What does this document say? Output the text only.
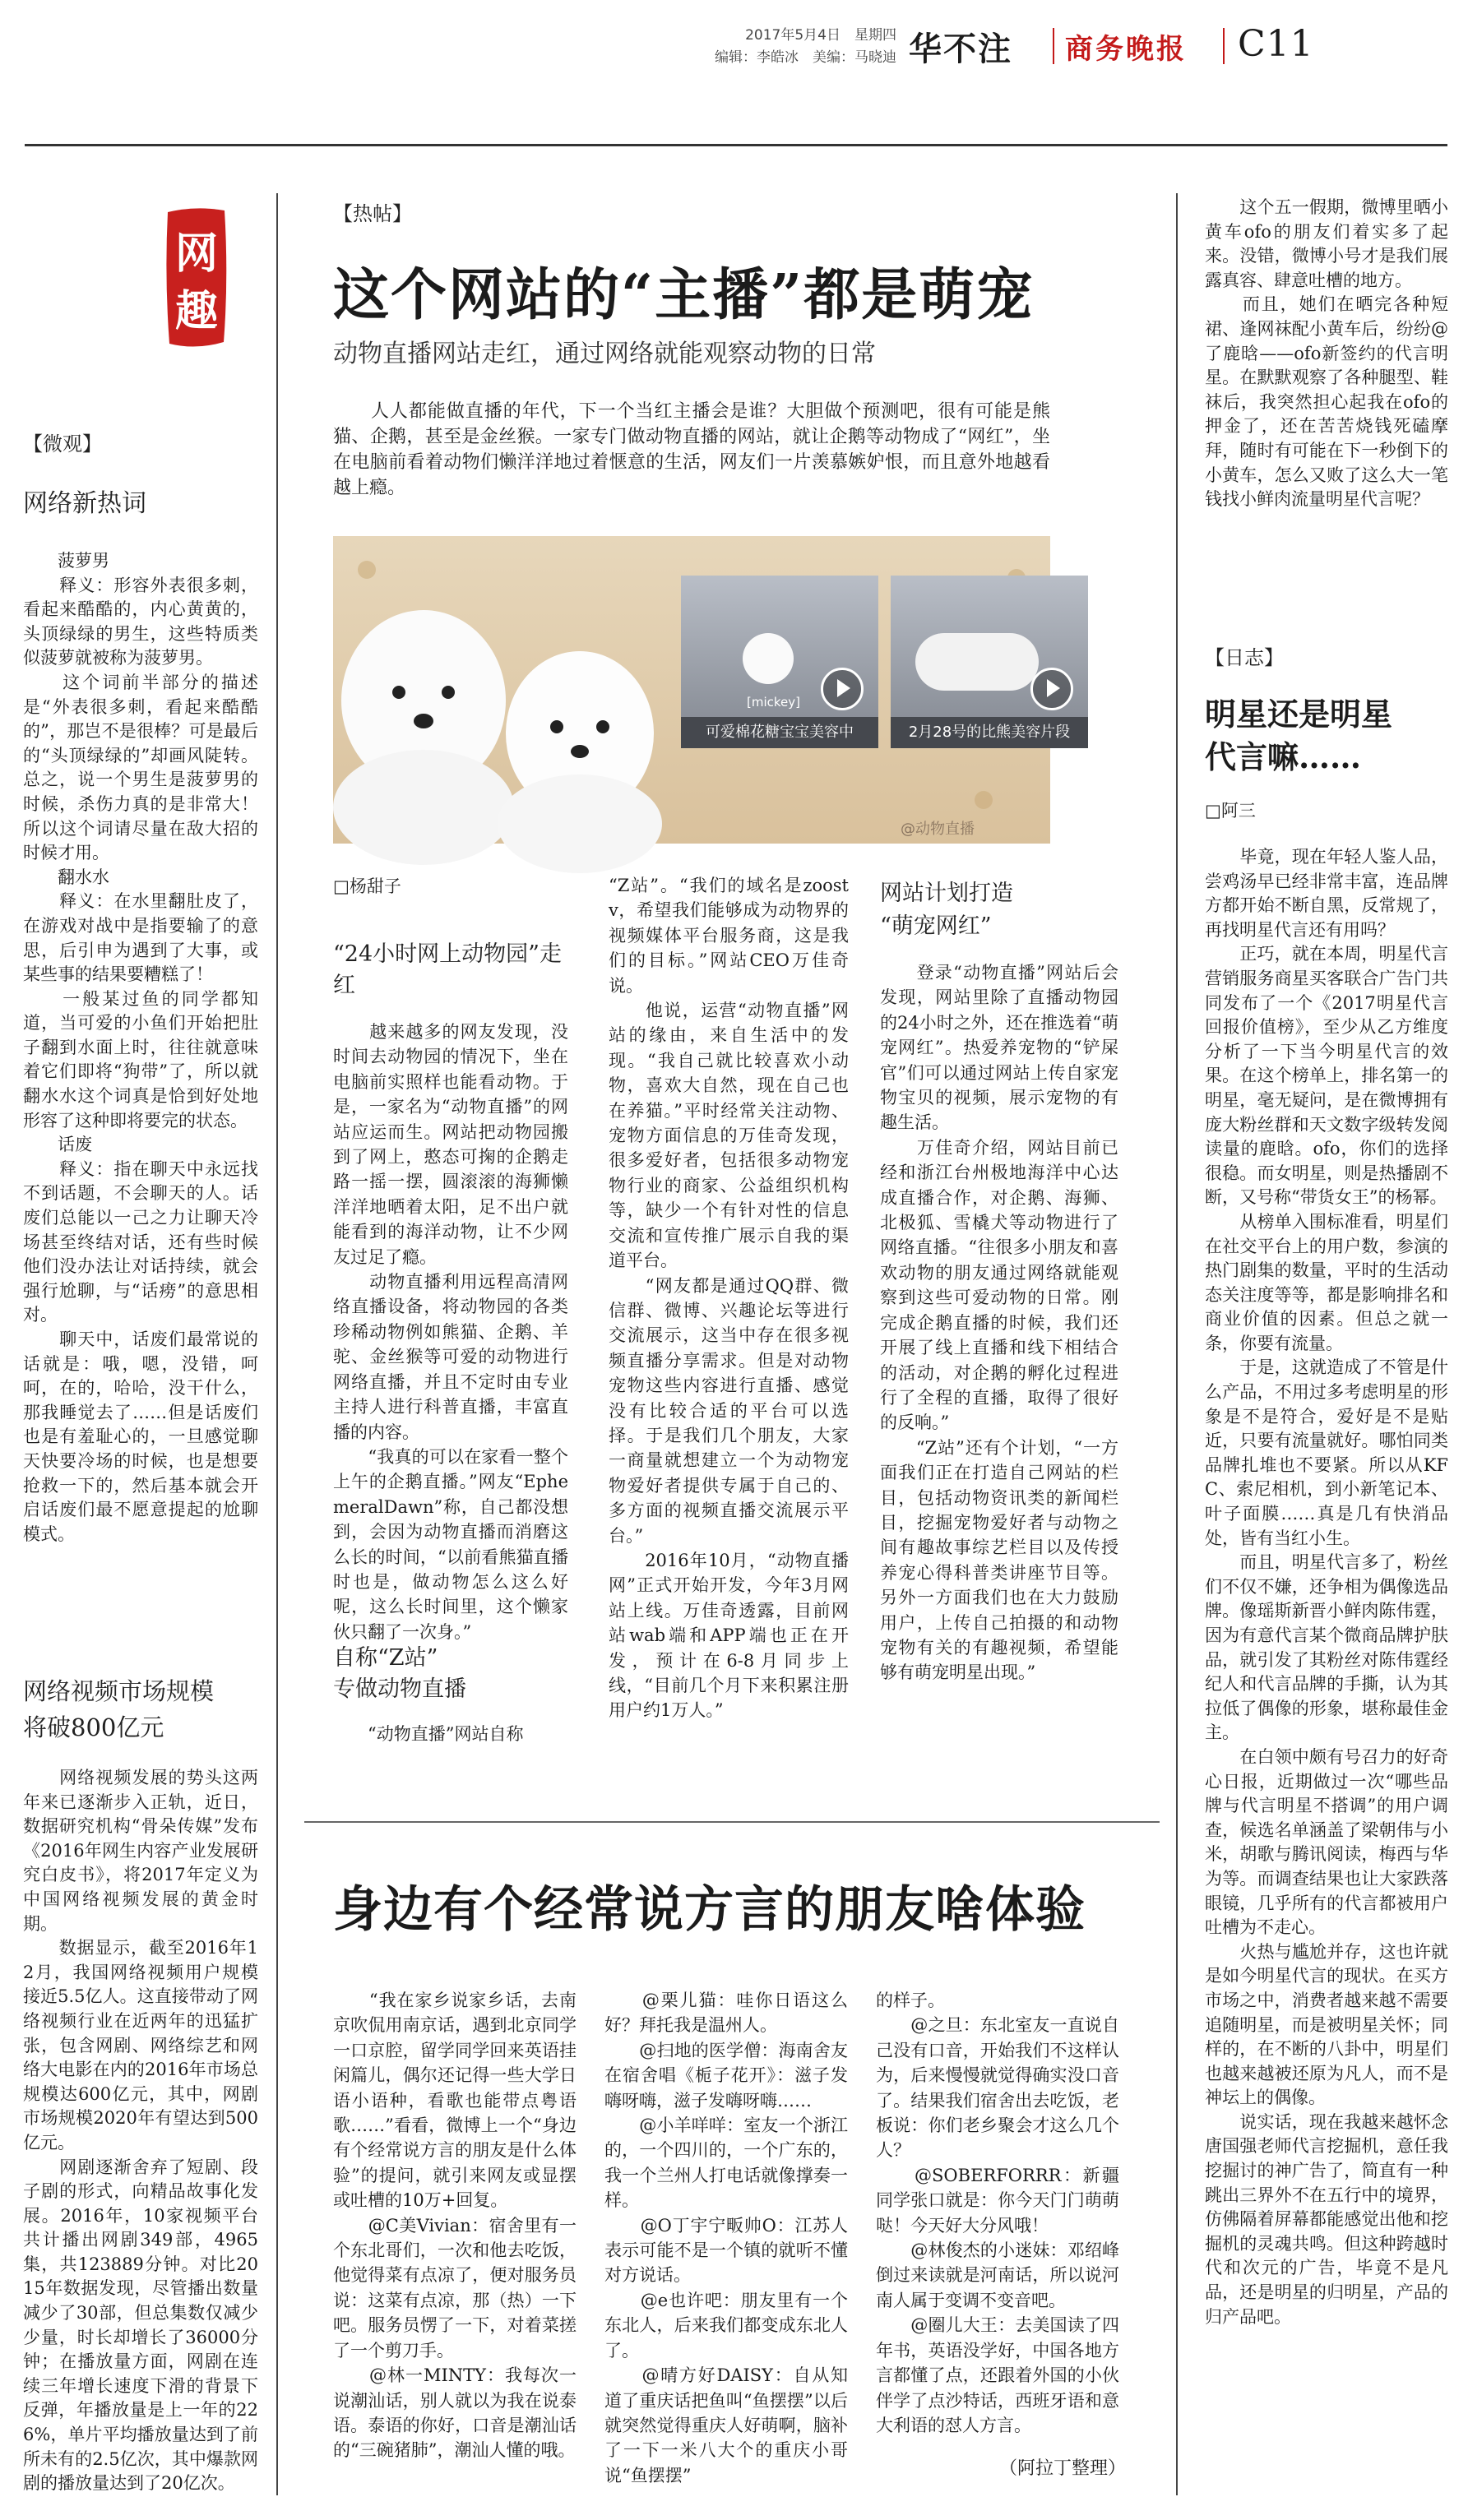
2017年5月4日　星期四
编辑：李皓冰　美编：马晓迪 华不注 商务晚报 C11
网
趣
【微观】
网络新热词
　　菠萝男
　　释义：形容外表很多刺，看起来酷酷的，内心黄黄的，头顶绿绿的男生，这些特质类似菠萝就被称为菠萝男。
　　这个词前半部分的描述是“外表很多刺，看起来酷酷的”，那岂不是很棒？可是最后的“头顶绿绿的”却画风陡转。总之，说一个男生是菠萝男的时候，杀伤力真的是非常大！所以这个词请尽量在敌大招的时候才用。
　　翻水水
　　释义：在水里翻肚皮了，在游戏对战中是指要输了的意思，后引申为遇到了大事，或某些事的结果要糟糕了！
　　一般某过鱼的同学都知道，当可爱的小鱼们开始把肚子翻到水面上时，往往就意味着它们即将“狗带”了，所以就翻水水这个词真是恰到好处地形容了这种即将要完的状态。
　　话废
　　释义：指在聊天中永远找不到话题，不会聊天的人。话废们总能以一己之力让聊天冷场甚至终结对话，还有些时候他们没办法让对话持续，就会强行尬聊，与“话痨”的意思相对。
　　聊天中，话废们最常说的话就是：哦，嗯，没错，呵呵，在的，哈哈，没干什么，那我睡觉去了……但是话废们也是有羞耻心的，一旦感觉聊天快要冷场的时候，也是想要抢救一下的，然后基本就会开启话废们最不愿意提起的尬聊模式。
网络视频市场规模
将破800亿元
　　网络视频发展的势头这两年来已逐渐步入正轨，近日，数据研究机构“骨朵传媒”发布《2016年网生内容产业发展研究白皮书》，将2017年定义为中国网络视频发展的黄金时期。
　　数据显示，截至2016年12月，我国网络视频用户规模接近5.5亿人。这直接带动了网络视频行业在近两年的迅猛扩张，包含网剧、网络综艺和网络大电影在内的2016年市场总规模达600亿元，其中，网剧市场规模2020年有望达到500亿元。
　　网剧逐渐舍弃了短剧、段子剧的形式，向精品故事化发展。2016年，10家视频平台共计播出网剧349部，4965集，共123889分钟。对比2015年数据发现，尽管播出数量减少了30部，但总集数仅减少少量，时长却增长了36000分钟；在播放量方面，网剧在连续三年增长速度下滑的背景下反弹，年播放量是上一年的226%，单片平均播放量达到了前所未有的2.5亿次，其中爆款网剧的播放量达到了20亿次。
【热帖】
这个网站的“主播”都是萌宠
动物直播网站走红，通过网络就能观察动物的日常
　　人人都能做直播的年代，下一个当红主播会是谁？大胆做个预测吧，很有可能是熊猫、企鹅，甚至是金丝猴。一家专门做动物直播的网站，就让企鹅等动物成了“网红”，坐在电脑前看着动物们懒洋洋地过着惬意的生活，网友们一片羡慕嫉妒恨，而且意外地越看越上瘾。
[mickey]
可爱棉花糖宝宝美容中	2月28号的比熊美容片段
@动物直播
□杨甜子
“24小时网上动物园”走红
　　越来越多的网友发现，没时间去动物园的情况下，坐在电脑前实照样也能看动物。于是，一家名为“动物直播”的网站应运而生。网站把动物园搬到了网上，憨态可掬的企鹅走路一摇一摆，圆滚滚的海狮懒洋洋地晒着太阳，足不出户就能看到的海洋动物，让不少网友过足了瘾。
　　动物直播利用远程高清网络直播设备，将动物园的各类珍稀动物例如熊猫、企鹅、羊驼、金丝猴等可爱的动物进行网络直播，并且不定时由专业主持人进行科普直播，丰富直播的内容。
　　“我真的可以在家看一整个上午的企鹅直播。”网友“EphemeralDawn”称，自己都没想到，会因为动物直播而消磨这么长的时间，“以前看熊猫直播时也是，做动物怎么这么好呢，这么长时间里，这个懒家伙只翻了一次身。”
自称“Z站”
专做动物直播
　　“动物直播”网站自称
“Z站”。“我们的域名是zoostv，希望我们能够成为动物界的视频媒体平台服务商，这是我们的目标。”网站CEO万佳奇说。
　　他说，运营“动物直播”网站的缘由，来自生活中的发现。“我自己就比较喜欢小动物，喜欢大自然，现在自己也在养猫。”平时经常关注动物、宠物方面信息的万佳奇发现，很多爱好者，包括很多动物宠物行业的商家、公益组织机构等，缺少一个有针对性的信息交流和宣传推广展示自我的渠道平台。
　　“网友都是通过QQ群、微信群、微博、兴趣论坛等进行交流展示，这当中存在很多视频直播分享需求。但是对动物宠物这些内容进行直播、感觉没有比较合适的平台可以选择。于是我们几个朋友，大家一商量就想建立一个为动物宠物爱好者提供专属于自己的、多方面的视频直播交流展示平台。”
　　2016年10月，“动物直播网”正式开始开发，今年3月网站上线。万佳奇透露，目前网站wab端和APP端也正在开发，预计在6-8月同步上线，“目前几个月下来积累注册用户约1万人。”
网站计划打造
“萌宠网红”
　　登录“动物直播”网站后会发现，网站里除了直播动物园的24小时之外，还在推选着“萌宠网红”。热爱养宠物的“铲屎官”们可以通过网站上传自家宠物宝贝的视频，展示宠物的有趣生活。
　　万佳奇介绍，网站目前已经和浙江台州极地海洋中心达成直播合作，对企鹅、海狮、北极狐、雪橇犬等动物进行了网络直播。“往很多小朋友和喜欢动物的朋友通过网络就能观察到这些可爱动物的日常。刚完成企鹅直播的时候，我们还开展了线上直播和线下相结合的活动，对企鹅的孵化过程进行了全程的直播，取得了很好的反响。”
　　“Z站”还有个计划，“一方面我们正在打造自己网站的栏目，包括动物资讯类的新闻栏目，挖掘宠物爱好者与动物之间有趣故事综艺栏目以及传授养宠心得科普类讲座节目等。另外一方面我们也在大力鼓励用户，上传自己拍摄的和动物宠物有关的有趣视频，希望能够有萌宠明星出现。”
身边有个经常说方言的朋友啥体验
　　“我在家乡说家乡话，去南京吹侃用南京话，遇到北京同学一口京腔，留学同学回来英语挂闲篇儿，偶尔还记得一些大学日语小语种，看歌也能带点粤语歌……”看看，微博上一个“身边有个经常说方言的朋友是什么体验”的提问，就引来网友或显摆或吐槽的10万+回复。
　　@C美Vivian：宿舍里有一个东北哥们，一次和他去吃饭，他觉得菜有点凉了，便对服务员说：这菜有点凉，那（热）一下吧。服务员愣了一下，对着菜搓了一个剪刀手。
　　@林一MINTY：我每次一说潮汕话，别人就以为我在说泰语。泰语的你好，口音是潮汕话的“三碗猪肺”，潮汕人懂的哦。
　　@栗儿猫：哇你日语这么好？拜托我是温州人。
　　@扫地的医学僧：海南舍友在宿舍唱《栀子花开》：滋子发嗨呀嗨，滋子发嗨呀嗨……
　　@小羊咩咩：室友一个浙江的，一个四川的，一个广东的，我一个兰州人打电话就像撑奏一样。
　　@O丁宇宁畈帅O：江苏人表示可能不是一个镇的就听不懂对方说话。
　　@e也许吧：朋友里有一个东北人，后来我们都变成东北人了。
　　@晴方好DAISY：自从知道了重庆话把鱼叫“鱼摆摆”以后就突然觉得重庆人好萌啊，脑补了一下一米八大个的重庆小哥说“鱼摆摆”
的样子。
　　@之旦：东北室友一直说自己没有口音，开始我们不这样认为，后来慢慢就觉得确实没口音了。结果我们宿舍出去吃饭，老板说：你们老乡聚会才这么几个人？
　　@SOBERFORRR：新疆同学张口就是：你今天门门萌萌哒！今天好大分风哦！
　　@林俊杰的小迷妹：邓绍峰倒过来读就是河南话，所以说河南人属于变调不变音吧。
　　@圈儿大王：去美国读了四年书，英语没学好，中国各地方言都懂了点，还跟着外国的小伙伴学了点沙特话，西班牙语和意大利语的怼人方言。
（阿拉丁整理）
　　这个五一假期，微博里晒小黄车ofo的朋友们着实多了起来。没错，微博小号才是我们展露真容、肆意吐槽的地方。
　　而且，她们在晒完各种短裙、逢网袜配小黄车后，纷纷@了鹿晗——ofo新签约的代言明星。在默默观察了各种腿型、鞋袜后，我突然担心起我在ofo的押金了，还在苦苦烧钱死磕摩拜，随时有可能在下一秒倒下的小黄车，怎么又败了这么大一笔钱找小鲜肉流量明星代言呢？
【日志】
明星还是明星
代言嘛……
□阿三
　　毕竟，现在年轻人鉴人品，尝鸡汤早已经非常丰富，连品牌方都开始不断自黑，反常规了，再找明星代言还有用吗？
　　正巧，就在本周，明星代言营销服务商星买客联合广告门共同发布了一个《2017明星代言回报价值榜》，至少从乙方维度分析了一下当今明星代言的效果。在这个榜单上，排名第一的明星，毫无疑问，是在微博拥有庞大粉丝群和天文数字级转发阅读量的鹿晗。ofo，你们的选择很稳。而女明星，则是热播剧不断，又号称“带货女王”的杨幂。
　　从榜单入围标准看，明星们在社交平台上的用户数，参演的热门剧集的数量，平时的生活动态关注度等等，都是影响排名和商业价值的因素。但总之就一条，你要有流量。
　　于是，这就造成了不管是什么产品，不用过多考虑明星的形象是不是符合，爱好是不是贴近，只要有流量就好。哪怕同类品牌扎堆也不要紧。所以从KFC、索尼相机，到小新笔记本、叶子面膜……真是几有快消品处，皆有当红小生。
　　而且，明星代言多了，粉丝们不仅不嫌，还争相为偶像选品牌。像瑶斯新晋小鲜肉陈伟霆，因为有意代言某个微商品牌护肤品，就引发了其粉丝对陈伟霆经纪人和代言品牌的手撕，认为其拉低了偶像的形象，堪称最佳金主。
　　在白领中颇有号召力的好奇心日报，近期做过一次“哪些品牌与代言明星不搭调”的用户调查，候选名单涵盖了梁朝伟与小米，胡歌与腾讯阅读，梅西与华为等。而调查结果也让大家跌落眼镜，几乎所有的代言都被用户吐槽为不走心。
　　火热与尴尬并存，这也许就是如今明星代言的现状。在买方市场之中，消费者越来越不需要追随明星，而是被明星关怀；同样的，在不断的八卦中，明星们也越来越被还原为凡人，而不是神坛上的偶像。
　　说实话，现在我越来越怀念唐国强老师代言挖掘机，意任我挖掘讨的神广告了，简直有一种跳出三界外不在五行中的境界，仿佛隔着屏幕都能感觉出他和挖掘机的灵魂共鸣。但这种跨越时代和次元的广告，毕竟不是凡品，还是明星的归明星，产品的归产品吧。
